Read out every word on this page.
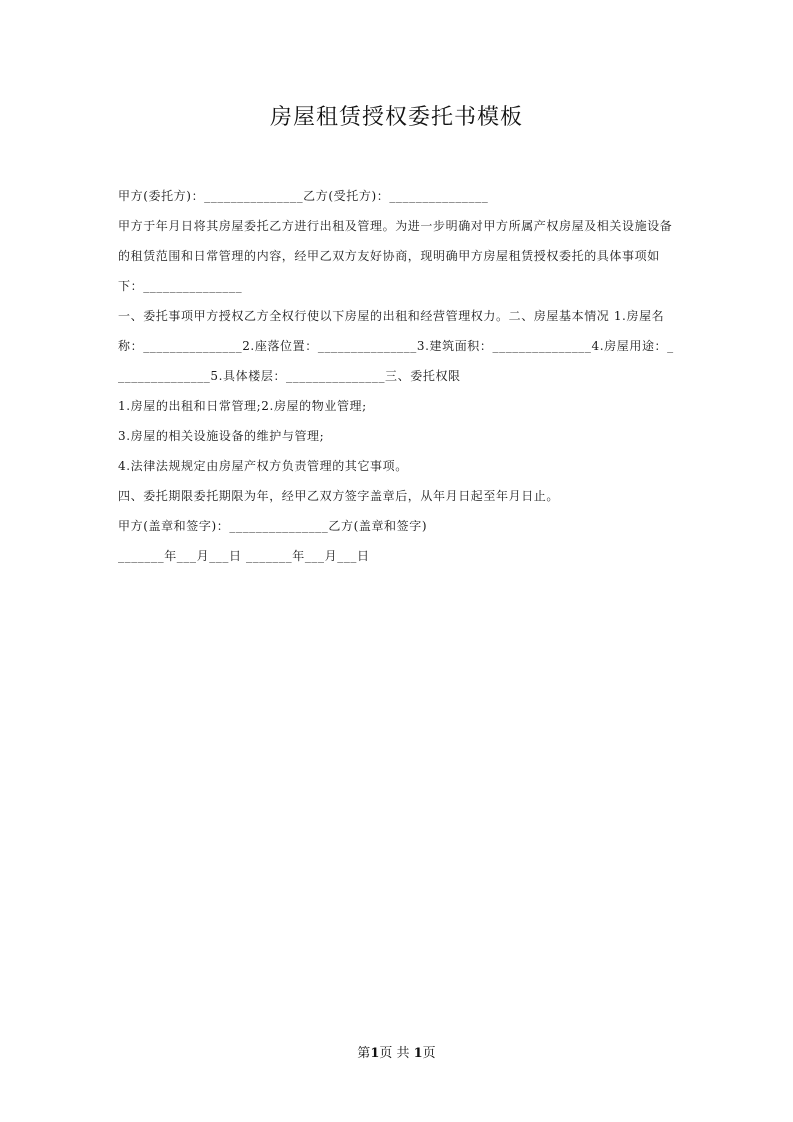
房屋租赁授权委托书模板

甲方(委托方)：_______________乙方(受托方)：_______________

甲方于年月日将其房屋委托乙方进行出租及管理。为进一步明确对甲方所属产权房屋及相关设施设备的租赁范围和日常管理的内容，经甲乙双方友好协商，现明确甲方房屋租赁授权委托的具体事项如下：_______________

一、委托事项甲方授权乙方全权行使以下房屋的出租和经营管理权力。二、房屋基本情况 1.房屋名称：_______________2.座落位置：_______________3.建筑面积：_______________4.房屋用途：_______________5.具体楼层：_______________三、委托权限

1.房屋的出租和日常管理;2.房屋的物业管理;

3.房屋的相关设施设备的维护与管理;

4.法律法规规定由房屋产权方负责管理的其它事项。

四、委托期限委托期限为年，经甲乙双方签字盖章后，从年月日起至年月日止。

甲方(盖章和签字)：_______________乙方(盖章和签字)

_______年___月___日 _______年___月___日

第1页 共 1页
